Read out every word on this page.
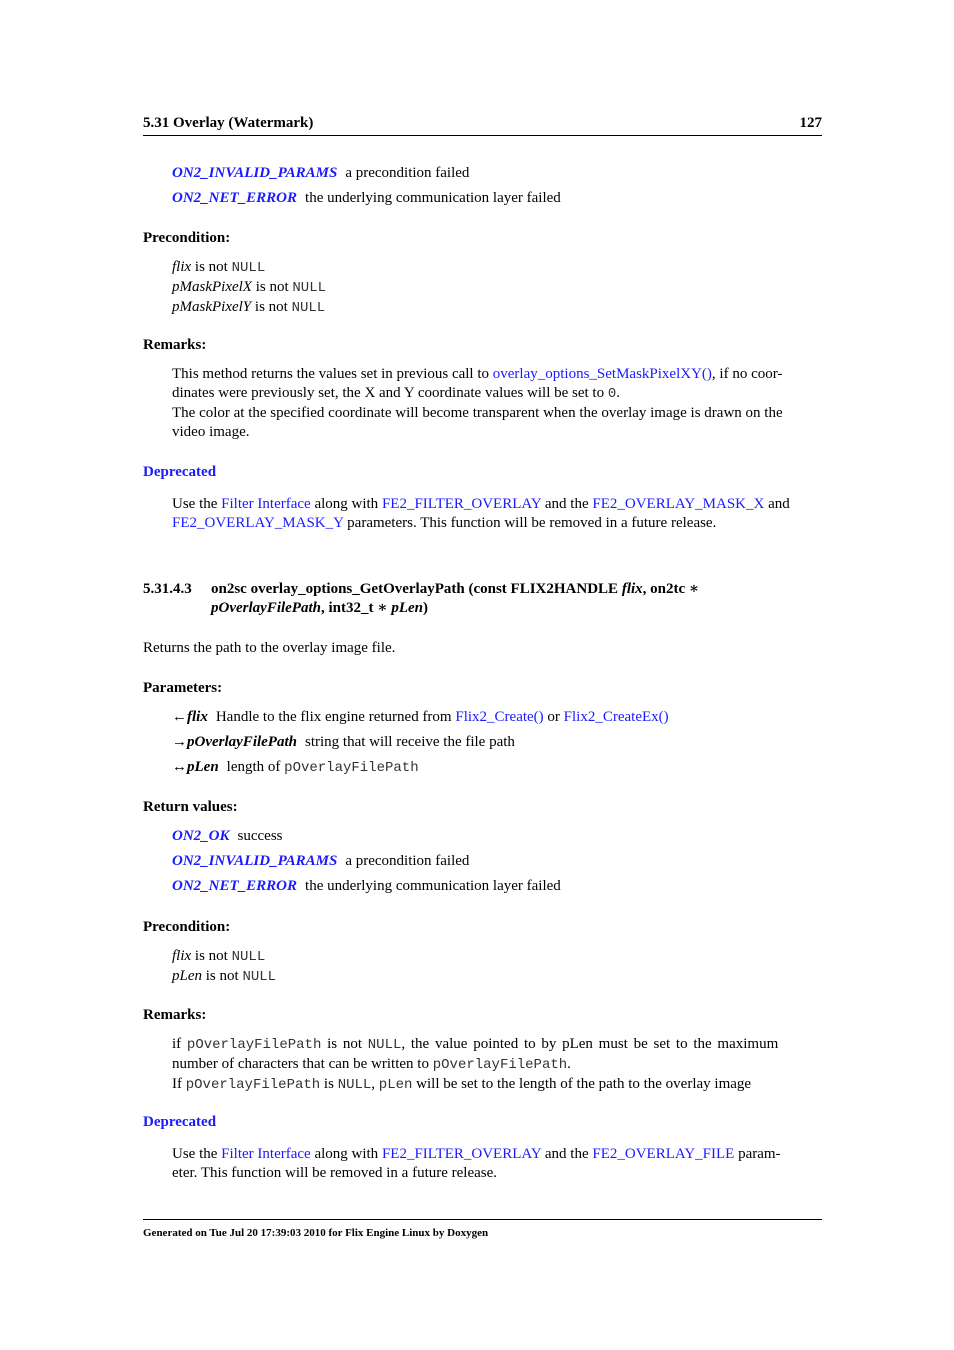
5.31 Overlay (Watermark)	127
ON2_INVALID_PARAMS a precondition failed
ON2_NET_ERROR the underlying communication layer failed
Precondition:
flix is not NULL
pMaskPixelX is not NULL
pMaskPixelY is not NULL
Remarks:
This method returns the values set in previous call to overlay_options_SetMaskPixelXY(), if no coor-
dinates were previously set, the X and Y coordinate values will be set to 0.
The color at the specified coordinate will become transparent when the overlay image is drawn on the
video image.
Deprecated
Use the Filter Interface along with FE2_FILTER_OVERLAY and the FE2_OVERLAY_MASK_X and
FE2_OVERLAY_MASK_Y parameters. This function will be removed in a future release.
5.31.4.3 on2sc overlay_options_GetOverlayPath (const FLIX2HANDLE flix, on2tc ∗
pOverlayFilePath, int32_t ∗ pLen)
Returns the path to the overlay image file.
Parameters:
←flix Handle to the flix engine returned from Flix2_Create() or Flix2_CreateEx()
→pOverlayFilePath string that will receive the file path
↔pLen length of pOverlayFilePath
Return values:
ON2_OK success
ON2_INVALID_PARAMS a precondition failed
ON2_NET_ERROR the underlying communication layer failed
Precondition:
flix is not NULL
pLen is not NULL
Remarks:
if pOverlayFilePath is not NULL, the value pointed to by pLen must be set to the maximum
number of characters that can be written to pOverlayFilePath.
If pOverlayFilePath is NULL, pLen will be set to the length of the path to the overlay image
Deprecated
Use the Filter Interface along with FE2_FILTER_OVERLAY and the FE2_OVERLAY_FILE param-
eter. This function will be removed in a future release.
Generated on Tue Jul 20 17:39:03 2010 for Flix Engine Linux by Doxygen
